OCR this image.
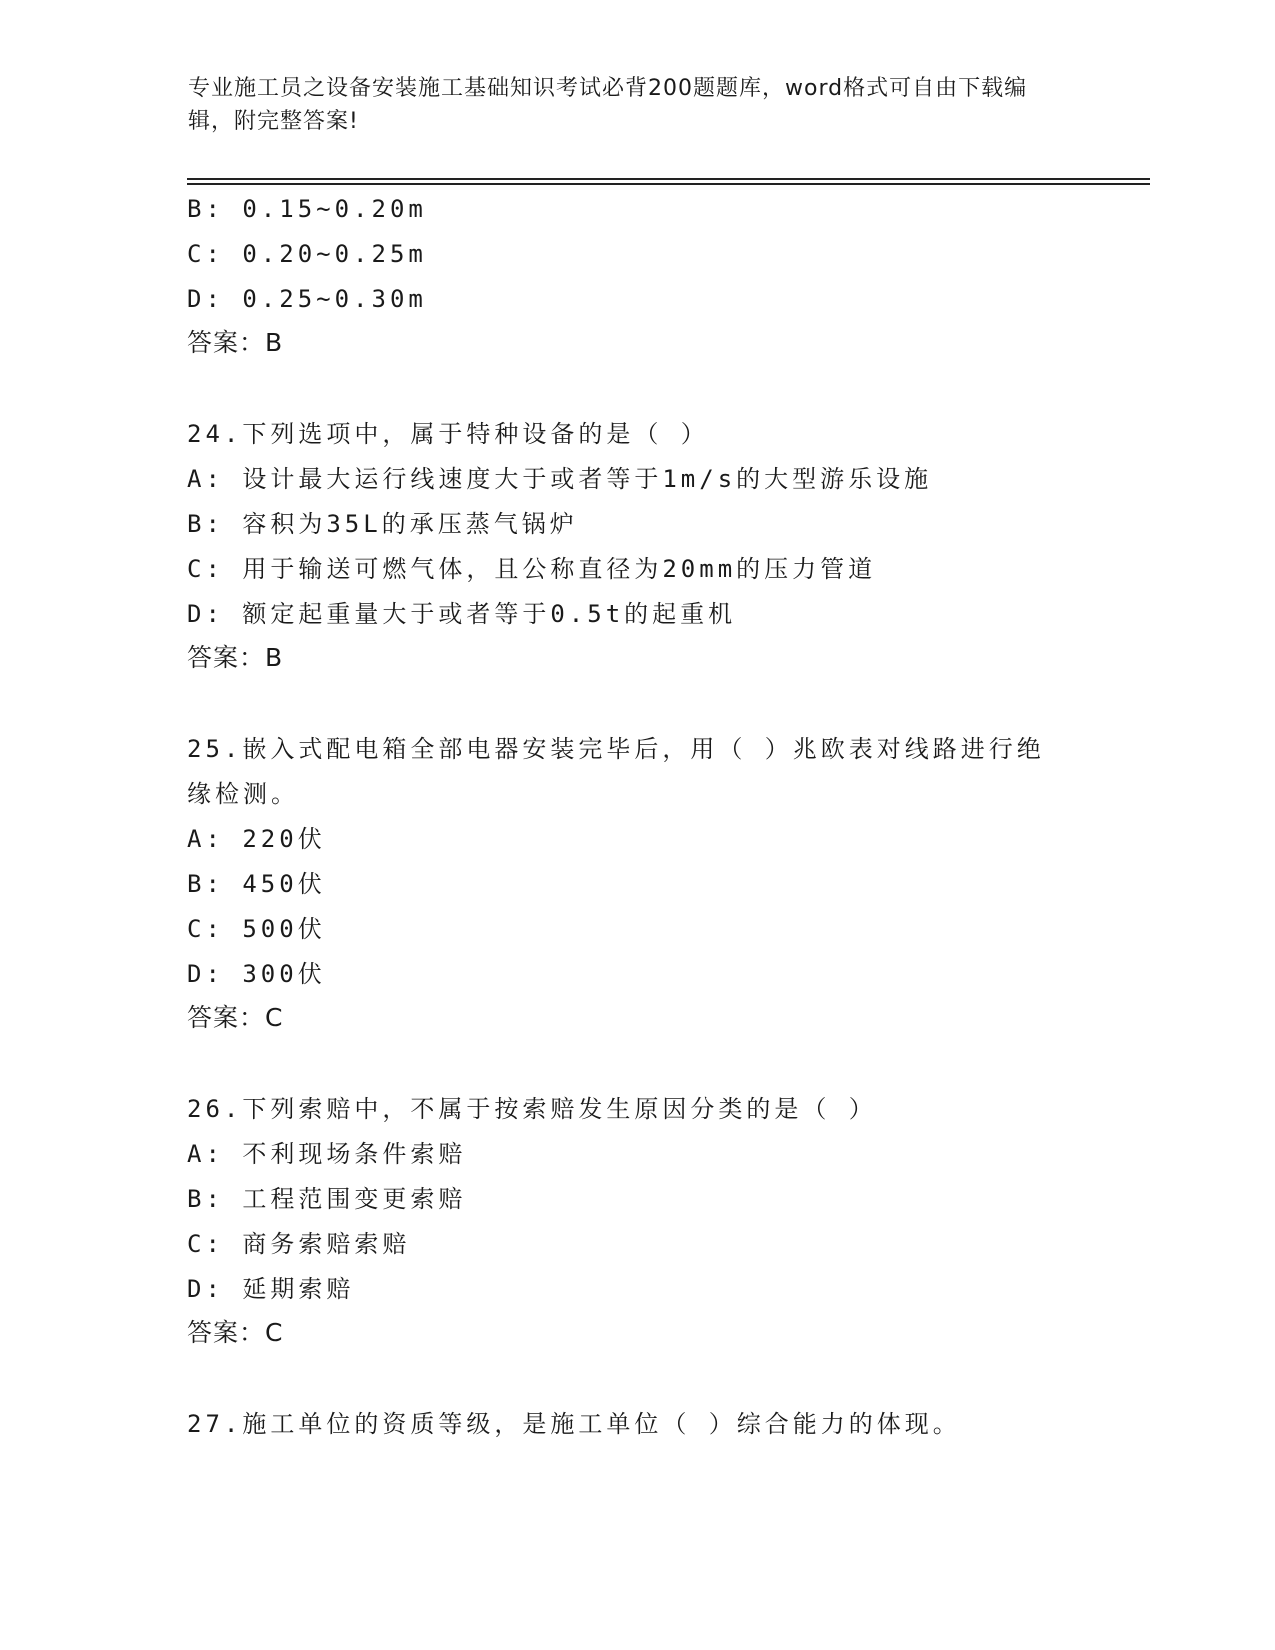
专业施工员之设备安装施工基础知识考试必背200题题库，word格式可自由下载编辑，附完整答案!
B: 0.15~0.20m
C: 0.20~0.25m
D: 0.25~0.30m
答案：B
24.下列选项中，属于特种设备的是（ ）
A: 设计最大运行线速度大于或者等于1m/s的大型游乐设施
B: 容积为35L的承压蒸气锅炉
C: 用于输送可燃气体，且公称直径为20mm的压力管道
D: 额定起重量大于或者等于0.5t的起重机
答案：B
25.嵌入式配电箱全部电器安装完毕后，用（ ）兆欧表对线路进行绝
缘检测。
A: 220伏
B: 450伏
C: 500伏
D: 300伏
答案：C
26.下列索赔中，不属于按索赔发生原因分类的是（ ）
A: 不利现场条件索赔
B: 工程范围变更索赔
C: 商务索赔索赔
D: 延期索赔
答案：C
27.施工单位的资质等级，是施工单位（ ）综合能力的体现。
